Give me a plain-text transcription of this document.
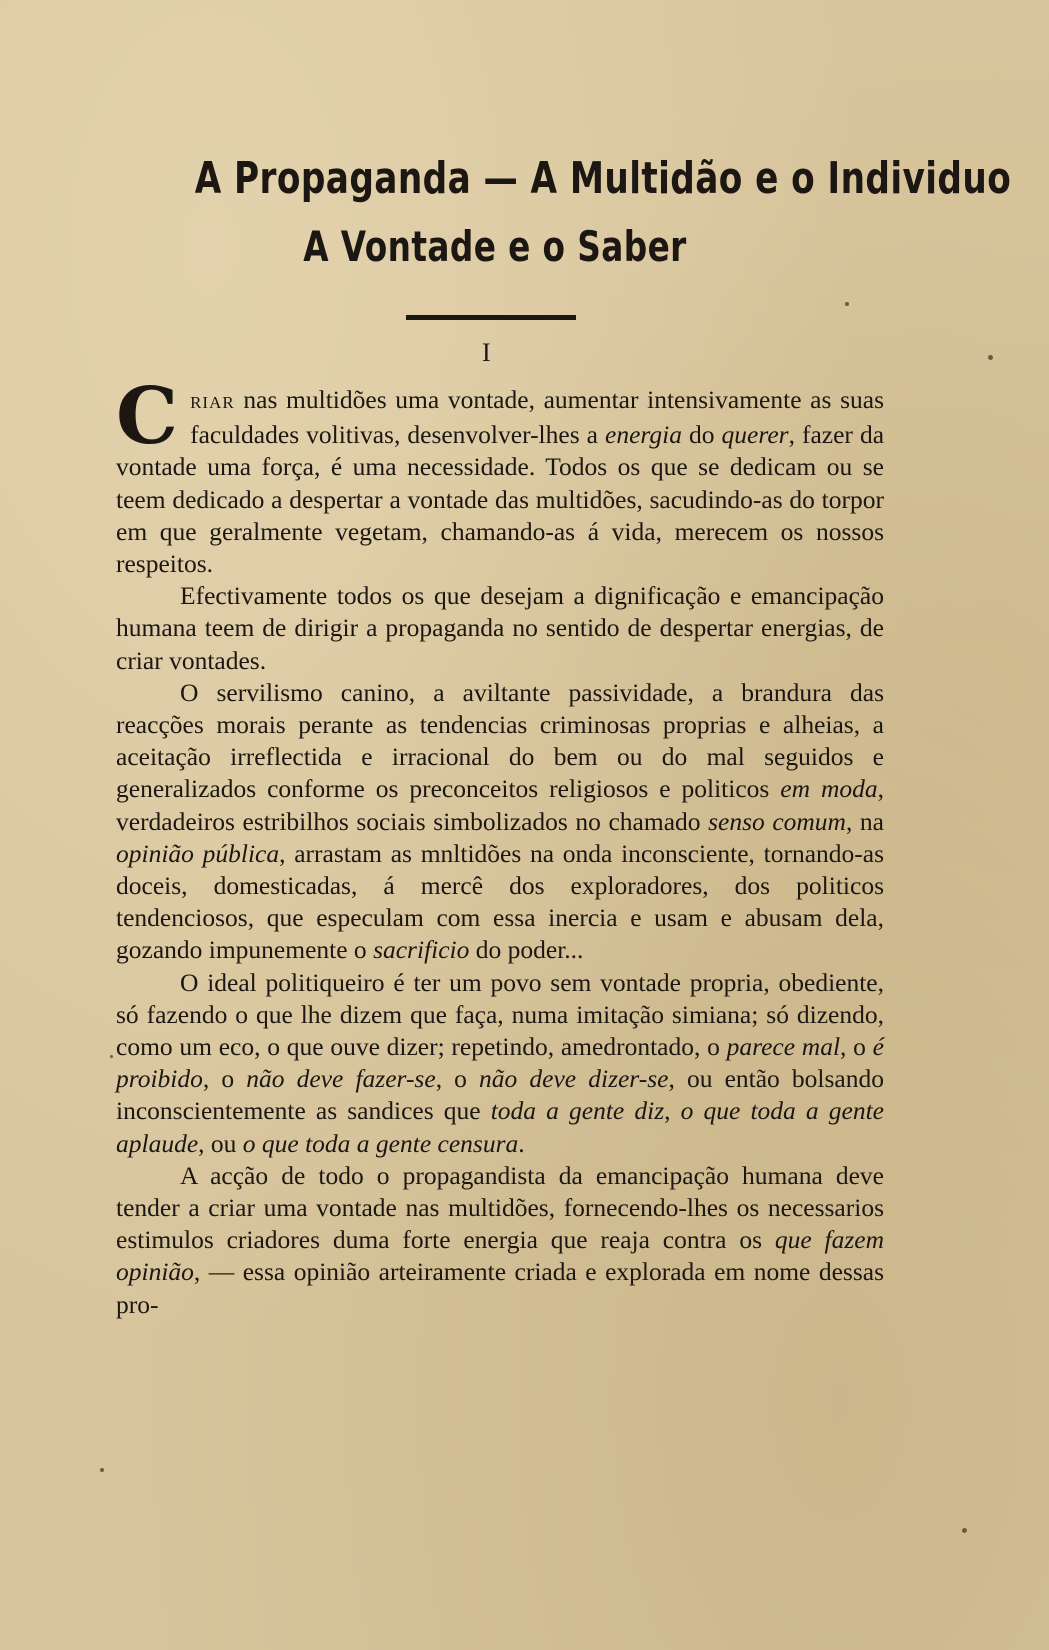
A Propaganda — A Multidão e o Individuo
A Vontade e o Saber
I

CRIAR nas multidões uma vontade, aumentar intensivamente as suas faculdades volitivas, desenvolver-lhes a energia do querer, fazer da vontade uma força, é uma necessidade. Todos os que se dedicam ou se teem dedicado a despertar a vontade das multidões, sacudindo-as do torpor em que geralmente vegetam, chamando-as á vida, merecem os nossos respeitos.

Efectivamente todos os que desejam a dignificação e emancipação humana teem de dirigir a propaganda no sentido de despertar energias, de criar vontades.

O servilismo canino, a aviltante passividade, a brandura das reacções morais perante as tendencias criminosas proprias e alheias, a aceitação irreflectida e irracional do bem ou do mal seguidos e generalizados conforme os preconceitos religiosos e politicos em moda, verdadeiros estribilhos sociais simbolizados no chamado senso comum, na opinião pública, arrastam as mnltidões na onda inconsciente, tornando-as doceis, domesticadas, á mercê dos exploradores, dos politicos tendenciosos, que especulam com essa inercia e usam e abusam dela, gozando impunemente o sacrificio do poder...

O ideal politiqueiro é ter um povo sem vontade propria, obediente, só fazendo o que lhe dizem que faça, numa imitação simiana; só dizendo, como um eco, o que ouve dizer; repetindo, amedrontado, o parece mal, o é proibido, o não deve fazer-se, o não deve dizer-se, ou então bolsando inconscientemente as sandices que toda a gente diz, o que toda a gente aplaude, ou o que toda a gente censura.

A acção de todo o propagandista da emancipação humana deve tender a criar uma vontade nas multidões, fornecendo-lhes os necessarios estimulos criadores duma forte energia que reaja contra os que fazem opinião, — essa opinião arteiramente criada e explorada em nome dessas pro-
